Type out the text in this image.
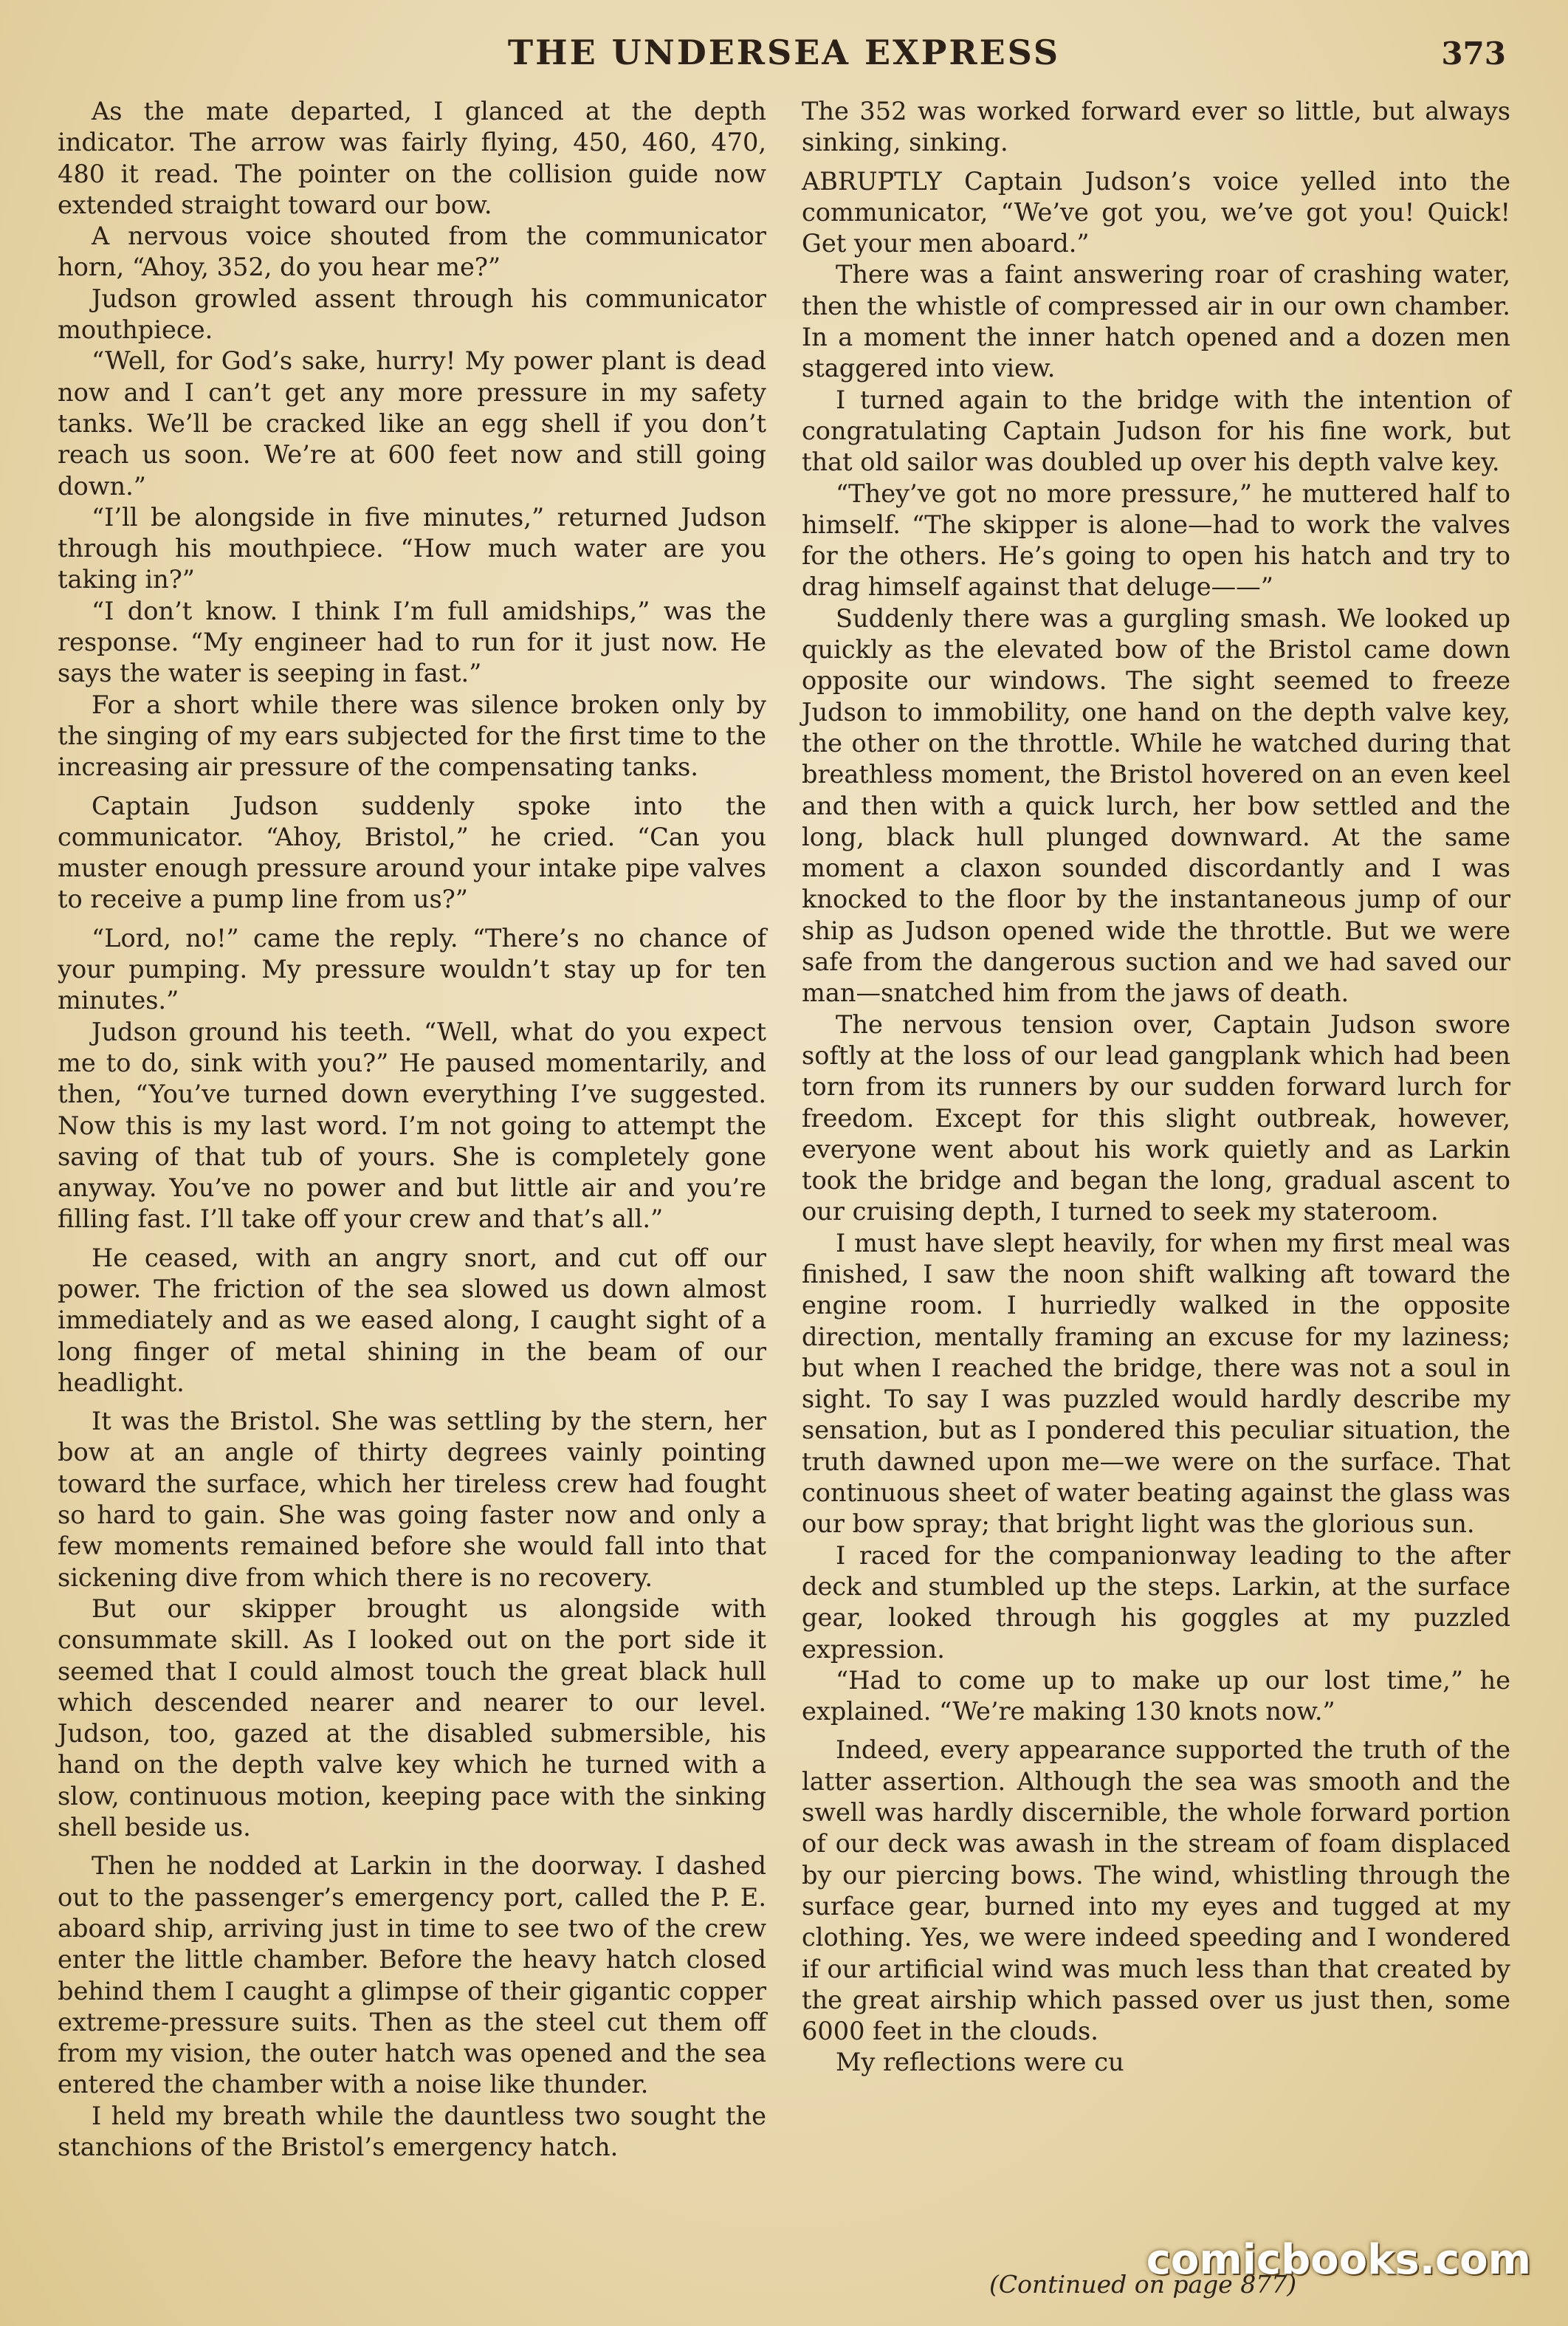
THE UNDERSEA EXPRESS	373

As the mate departed, I glanced at the depth indicator. The arrow was fairly flying, 450, 460, 470, 480 it read. The pointer on the collision guide now extended straight toward our bow.

A nervous voice shouted from the communicator horn, “Ahoy, 352, do you hear me?”

Judson growled assent through his communicator mouthpiece.

“Well, for God’s sake, hurry! My power plant is dead now and I can’t get any more pressure in my safety tanks. We’ll be cracked like an egg shell if you don’t reach us soon. We’re at 600 feet now and still going down.”

“I’ll be alongside in five minutes,” returned Judson through his mouthpiece. “How much water are you taking in?”

“I don’t know. I think I’m full amidships,” was the response. “My engineer had to run for it just now. He says the water is seeping in fast.”

For a short while there was silence broken only by the singing of my ears subjected for the first time to the increasing air pressure of the compensating tanks.

Captain Judson suddenly spoke into the communicator. “Ahoy, Bristol,” he cried. “Can you muster enough pressure around your intake pipe valves to receive a pump line from us?”

“Lord, no!” came the reply. “There’s no chance of your pumping. My pressure wouldn’t stay up for ten minutes.”

Judson ground his teeth. “Well, what do you expect me to do, sink with you?” He paused momentarily, and then, “You’ve turned down everything I’ve suggested. Now this is my last word. I’m not going to attempt the saving of that tub of yours. She is completely gone anyway. You’ve no power and but little air and you’re filling fast. I’ll take off your crew and that’s all.”

He ceased, with an angry snort, and cut off our power. The friction of the sea slowed us down almost immediately and as we eased along, I caught sight of a long finger of metal shining in the beam of our headlight.

It was the Bristol. She was settling by the stern, her bow at an angle of thirty degrees vainly pointing toward the surface, which her tireless crew had fought so hard to gain. She was going faster now and only a few moments remained before she would fall into that sickening dive from which there is no recovery.

But our skipper brought us alongside with consummate skill. As I looked out on the port side it seemed that I could almost touch the great black hull which descended nearer and nearer to our level. Judson, too, gazed at the disabled submersible, his hand on the depth valve key which he turned with a slow, continuous motion, keeping pace with the sinking shell beside us.

Then he nodded at Larkin in the doorway. I dashed out to the passenger’s emergency port, called the P. E. aboard ship, arriving just in time to see two of the crew enter the little chamber. Before the heavy hatch closed behind them I caught a glimpse of their gigantic copper extreme-pressure suits. Then as the steel cut them off from my vision, the outer hatch was opened and the sea entered the chamber with a noise like thunder.

I held my breath while the dauntless two sought the stanchions of the Bristol’s emergency hatch.

The 352 was worked forward ever so little, but always sinking, sinking.

ABRUPTLY Captain Judson’s voice yelled into the communicator, “We’ve got you, we’ve got you! Quick! Get your men aboard.”

There was a faint answering roar of crashing water, then the whistle of compressed air in our own chamber. In a moment the inner hatch opened and a dozen men staggered into view.

I turned again to the bridge with the intention of congratulating Captain Judson for his fine work, but that old sailor was doubled up over his depth valve key.

“They’ve got no more pressure,” he muttered half to himself. “The skipper is alone—had to work the valves for the others. He’s going to open his hatch and try to drag himself against that deluge——”

Suddenly there was a gurgling smash. We looked up quickly as the elevated bow of the Bristol came down opposite our windows. The sight seemed to freeze Judson to immobility, one hand on the depth valve key, the other on the throttle. While he watched during that breathless moment, the Bristol hovered on an even keel and then with a quick lurch, her bow settled and the long, black hull plunged downward. At the same moment a claxon sounded discordantly and I was knocked to the floor by the instantaneous jump of our ship as Judson opened wide the throttle. But we were safe from the dangerous suction and we had saved our man—snatched him from the jaws of death.

The nervous tension over, Captain Judson swore softly at the loss of our lead gangplank which had been torn from its runners by our sudden forward lurch for freedom. Except for this slight outbreak, however, everyone went about his work quietly and as Larkin took the bridge and began the long, gradual ascent to our cruising depth, I turned to seek my stateroom.

I must have slept heavily, for when my first meal was finished, I saw the noon shift walking aft toward the engine room. I hurriedly walked in the opposite direction, mentally framing an excuse for my laziness; but when I reached the bridge, there was not a soul in sight. To say I was puzzled would hardly describe my sensation, but as I pondered this peculiar situation, the truth dawned upon me—we were on the surface. That continuous sheet of water beating against the glass was our bow spray; that bright light was the glorious sun.

I raced for the companionway leading to the after deck and stumbled up the steps. Larkin, at the surface gear, looked through his goggles at my puzzled expression.

“Had to come up to make up our lost time,” he explained. “We’re making 130 knots now.”

Indeed, every appearance supported the truth of the latter assertion. Although the sea was smooth and the swell was hardly discernible, the whole forward portion of our deck was awash in the stream of foam displaced by our piercing bows. The wind, whistling through the surface gear, burned into my eyes and tugged at my clothing. Yes, we were indeed speeding and I wondered if our artificial wind was much less than that created by the great airship which passed over us just then, some 6000 feet in the clouds.

My reflections were cu

(Continued on page 877)
comicbooks.com
